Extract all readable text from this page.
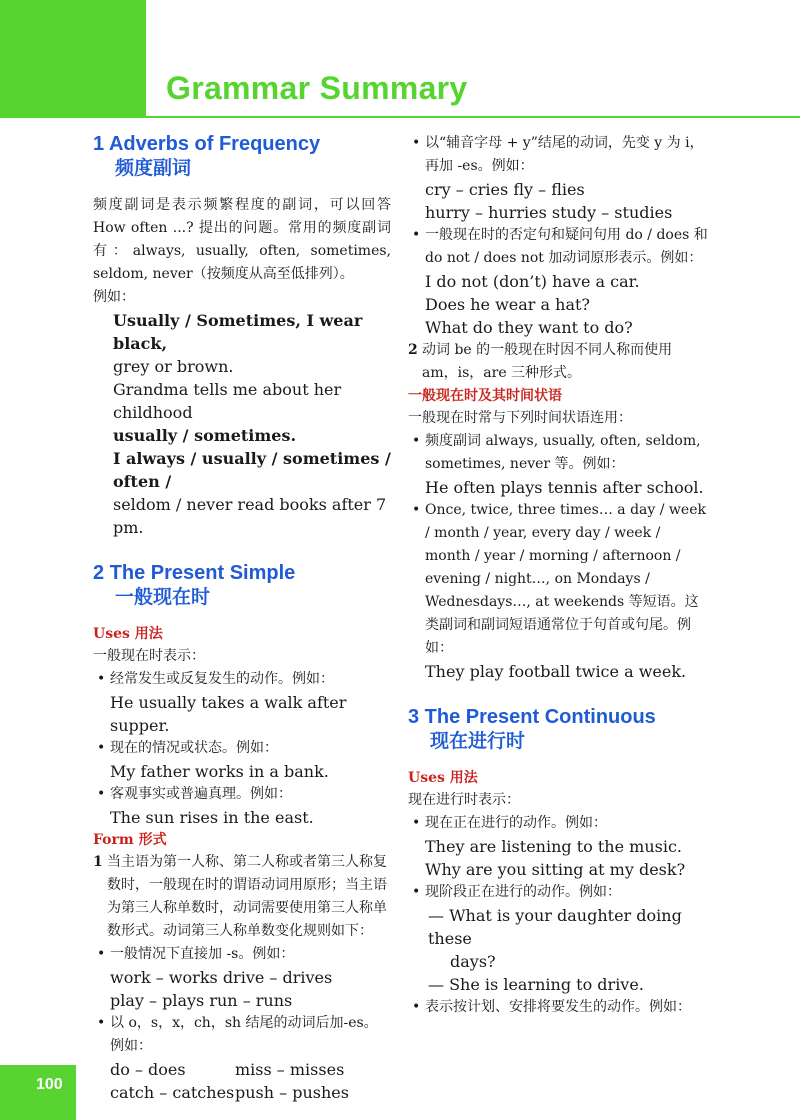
Grammar Summary
1 Adverbs of Frequency
频度副词

频度副词是表示频繁程度的副词，可以回答 How often ...? 提出的问题。常用的频度副词有：always, usually, often, sometimes, seldom, never（按频度从高至低排列）。

例如：

Usually / Sometimes, I wear black,
grey or brown.
Grandma tells me about her childhood
usually / sometimes.
I always / usually / sometimes / often /
seldom / never read books after 7 pm.
2 The Present Simple
一般现在时
Uses 用法

一般现在时表示：

• 经常发生或反复发生的动作。例如：
He usually takes a walk after supper.
• 现在的情况或状态。例如：
My father works in a bank.
• 客观事实或普遍真理。例如：
The sun rises in the east.
Form 形式
1 当主语为第一人称、第二人称或者第三人称复数时，一般现在时的谓语动词用原形；当主语为第三人称单数时，动词需要使用第三人称单数形式。动词第三人称单数变化规则如下：
• 一般情况下直接加 -s。例如：
work – works drive – drives
play – plays run – runs
• 以 o，s，x，ch，sh 结尾的动词后加-es。例如：
do – does	miss – misses
catch – catchespush – pushes
• 以“辅音字母 + y”结尾的动词，先变 y 为 i，再加 -es。例如：
cry – cries fly – flies
hurry – hurries study – studies
• 一般现在时的否定句和疑问句用 do / does 和 do not / does not 加动词原形表示。例如：
I do not (don’t) have a car.
Does he wear a hat?
What do they want to do?
2 动词 be 的一般现在时因不同人称而使用 am，is，are 三种形式。
一般现在时及其时间状语

一般现在时常与下列时间状语连用：

• 频度副词 always, usually, often, seldom, sometimes, never 等。例如：
He often plays tennis after school.
• Once, twice, three times… a day / week / month / year, every day / week / month / year / morning / afternoon / evening / night…, on Mondays / Wednesdays…, at weekends 等短语。这类副词和副词短语通常位于句首或句尾。例如：
They play football twice a week.
3 The Present Continuous
现在进行时
Uses 用法

现在进行时表示：

• 现在正在进行的动作。例如：
They are listening to the music.
Why are you sitting at my desk?
• 现阶段正在进行的动作。例如：
— What is your daughter doing these
days?
— She is learning to drive.
• 表示按计划、安排将要发生的动作。例如：
100
